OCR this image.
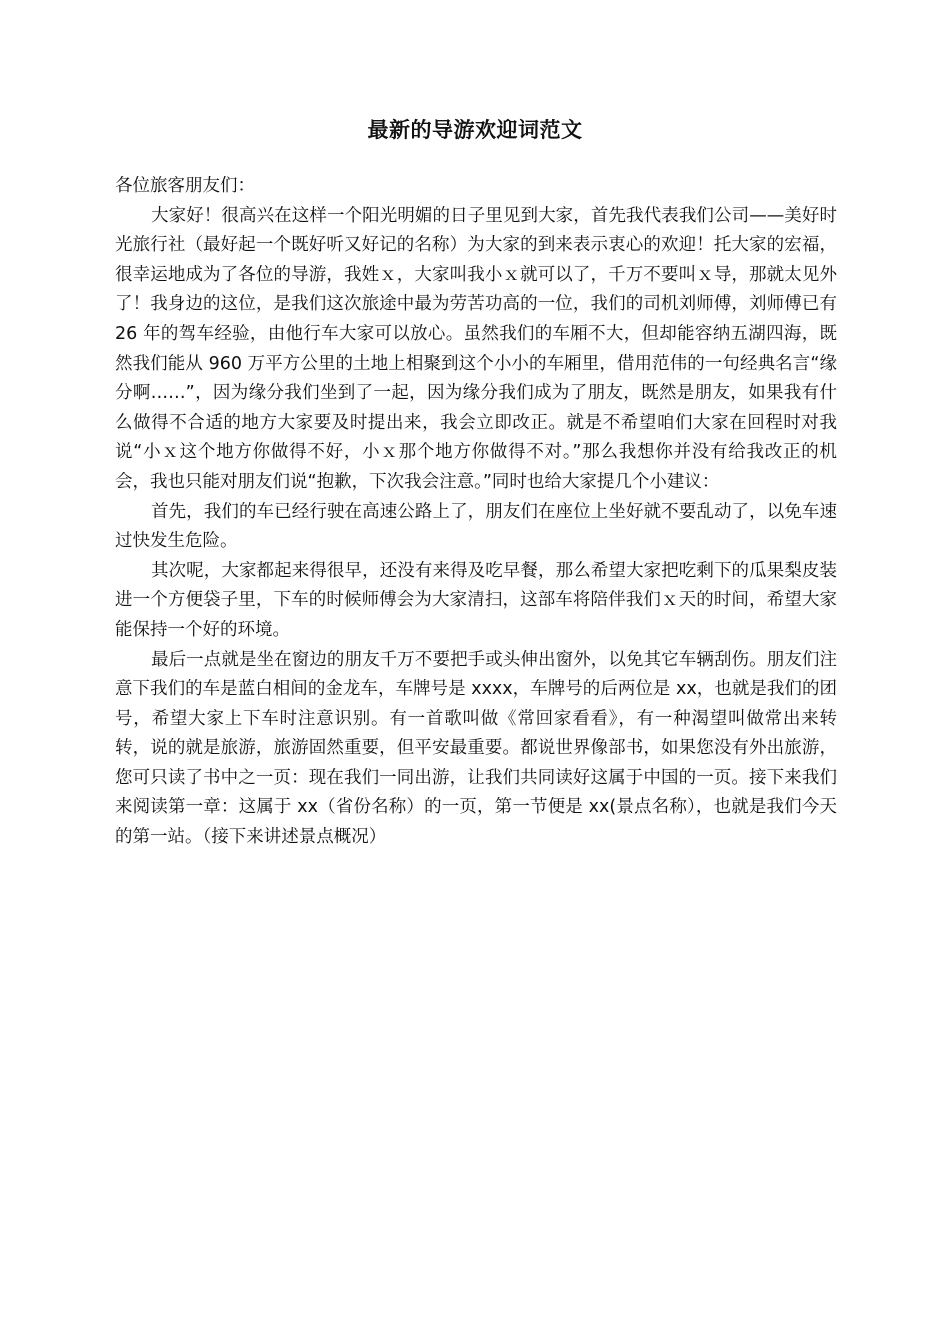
最新的导游欢迎词范文

各位旅客朋友们：

大家好！很高兴在这样一个阳光明媚的日子里见到大家，首先我代表我们公司——美好时光旅行社（最好起一个既好听又好记的名称）为大家的到来表示衷心的欢迎！托大家的宏福，很幸运地成为了各位的导游，我姓ｘ，大家叫我小ｘ就可以了，千万不要叫ｘ导，那就太见外了！我身边的这位，是我们这次旅途中最为劳苦功高的一位，我们的司机刘师傅，刘师傅已有 26 年的驾车经验，由他行车大家可以放心。虽然我们的车厢不大，但却能容纳五湖四海，既然我们能从 960 万平方公里的土地上相聚到这个小小的车厢里，借用范伟的一句经典名言“缘分啊……”，因为缘分我们坐到了一起，因为缘分我们成为了朋友，既然是朋友，如果我有什么做得不合适的地方大家要及时提出来，我会立即改正。就是不希望咱们大家在回程时对我说“小ｘ这个地方你做得不好，小ｘ那个地方你做得不对。”那么我想你并没有给我改正的机会，我也只能对朋友们说“抱歉，下次我会注意。”同时也给大家提几个小建议：

首先，我们的车已经行驶在高速公路上了，朋友们在座位上坐好就不要乱动了，以免车速过快发生危险。

其次呢，大家都起来得很早，还没有来得及吃早餐，那么希望大家把吃剩下的瓜果梨皮装进一个方便袋子里，下车的时候师傅会为大家清扫，这部车将陪伴我们ｘ天的时间，希望大家能保持一个好的环境。

最后一点就是坐在窗边的朋友千万不要把手或头伸出窗外，以免其它车辆刮伤。朋友们注意下我们的车是蓝白相间的金龙车，车牌号是 xxxx，车牌号的后两位是 xx，也就是我们的团号，希望大家上下车时注意识别。有一首歌叫做《常回家看看》，有一种渴望叫做常出来转转，说的就是旅游，旅游固然重要，但平安最重要。都说世界像部书，如果您没有外出旅游，您可只读了书中之一页：现在我们一同出游，让我们共同读好这属于中国的一页。接下来我们来阅读第一章：这属于 xx（省份名称）的一页，第一节便是 xx(景点名称），也就是我们今天的第一站。（接下来讲述景点概况）
